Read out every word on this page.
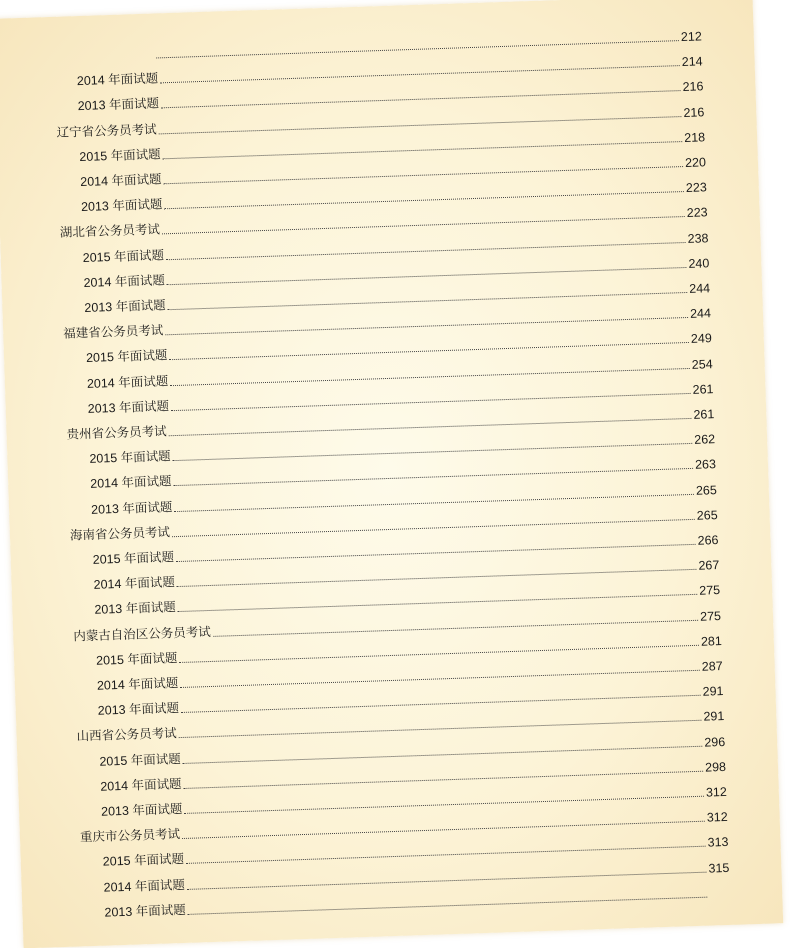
212
2014 年面试题
214
2013 年面试题
216
辽宁省公务员考试
216
2015 年面试题
218
2014 年面试题
220
2013 年面试题
223
湖北省公务员考试
223
2015 年面试题
238
2014 年面试题
240
2013 年面试题
244
福建省公务员考试
244
2015 年面试题
249
2014 年面试题
254
2013 年面试题
261
贵州省公务员考试
261
2015 年面试题
262
2014 年面试题
263
2013 年面试题
265
海南省公务员考试
265
2015 年面试题
266
2014 年面试题
267
2013 年面试题
275
内蒙古自治区公务员考试
275
2015 年面试题
281
2014 年面试题
287
2013 年面试题
291
山西省公务员考试
291
2015 年面试题
296
2014 年面试题
298
2013 年面试题
312
重庆市公务员考试
312
2015 年面试题
313
2014 年面试题
315
2013 年面试题
